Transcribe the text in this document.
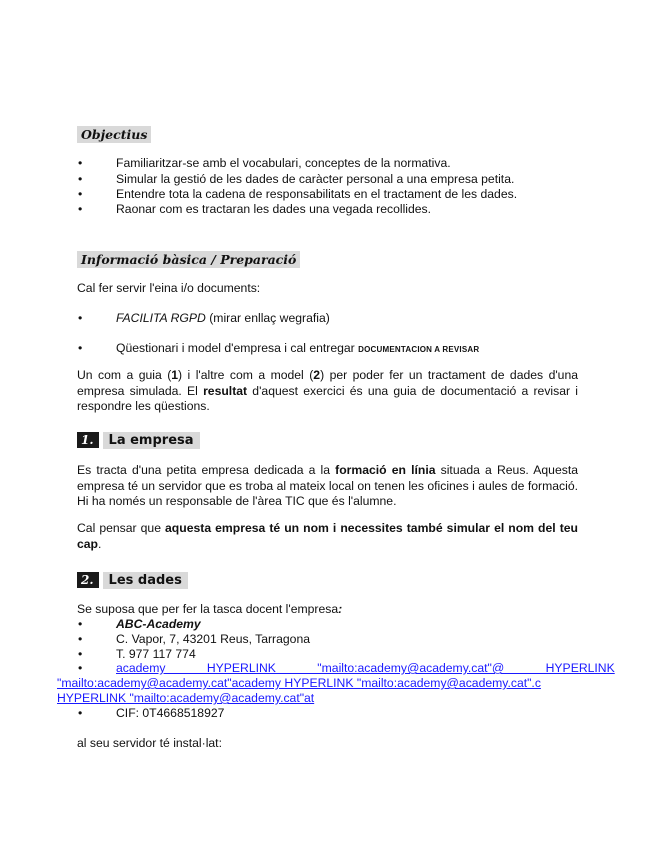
Objectius
•	Familiaritzar-se amb el vocabulari, conceptes de la normativa.
•	Simular la gestió de les dades de caràcter personal a una empresa petita.
•	Entendre tota la cadena de responsabilitats en el tractament de les dades.
•	Raonar com es tractaran les dades una vegada recollides.
Informació bàsica / Preparació
Cal fer servir l'eina i/o documents:
•	FACILITA RGPD (mirar enllaç wegrafia)
•	Qüestionari i model d'empresa i cal entregar DOCUMENTACION A REVISAR
Un com a guia (1) i l'altre com a model (2) per poder fer un tractament de dades d'una empresa simulada. El resultat d'aquest exercici és una guia de documentació a revisar i respondre les qüestions.
1. La empresa
Es tracta d'una petita empresa dedicada a la formació en línia situada a Reus. Aquesta empresa té un servidor que es troba al mateix local on tenen les oficines i aules de formació. Hi ha només un responsable de l'àrea TIC que és l'alumne.
Cal pensar que aquesta empresa té un nom i necessites també simular el nom del teu cap.
2. Les dades
Se suposa que per fer la tasca docent l'empresa:
•	ABC-Academy
•	C. Vapor, 7, 43201 Reus, Tarragona
•	T. 977 117 774
•	academy HYPERLINK "mailto:academy@academy.cat"@ HYPERLINK
"mailto:academy@academy.cat"academy HYPERLINK "mailto:academy@academy.cat".c
HYPERLINK "mailto:academy@academy.cat"at
•	CIF: 0T4668518927
al seu servidor té instal·lat:
